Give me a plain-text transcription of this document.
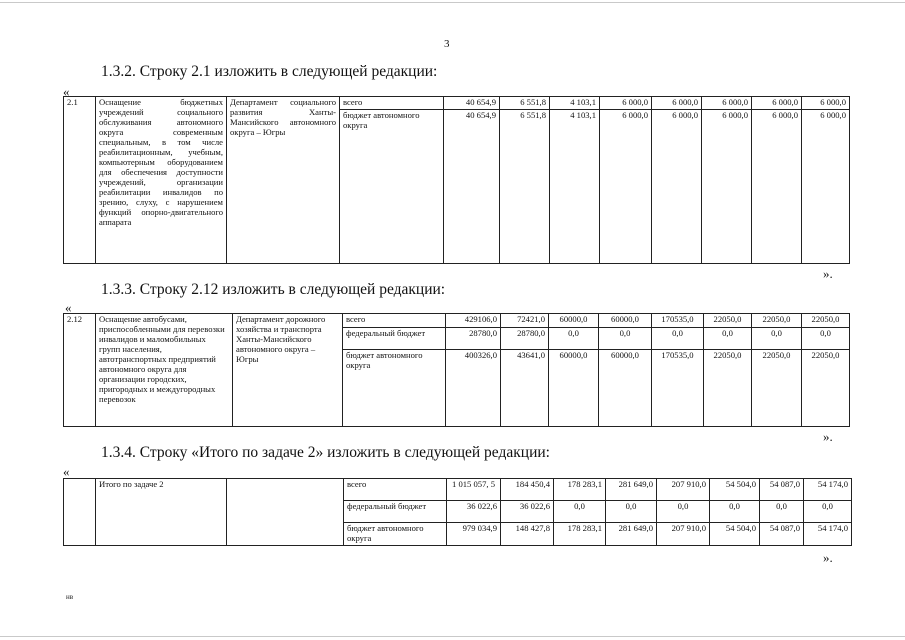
3
1.3.2. Строку 2.1 изложить в следующей редакции:
«
2.1	Оснащение бюджетных учреждений социального обслуживания автономного округа современным специальным, в том числе реабилитационным, учебным, компьютерным оборудованием для обеспечения доступности учреждений, организации реабилитации инвалидов по зрению, слуху, с нарушением функций опорно-двигательного аппарата	Департамент социального развития Ханты-Мансийского автономного округа – Югры	всего	40 654,9	6 551,8	4 103,1	6 000,0	6 000,0	6 000,0	6 000,0	6 000,0
			бюджет автономного округа	40 654,9	6 551,8	4 103,1	6 000,0	6 000,0	6 000,0	6 000,0	6 000,0
».
1.3.3. Строку 2.12 изложить в следующей редакции:
«
2.12	Оснащение автобусами, приспособленными для перевозки инвалидов и маломобильных групп населения, автотранспортных предприятий автономного округа для организации городских, пригородных и междугородных перевозок	Департамент дорожного хозяйства и транспорта Ханты-Мансийского автономного округа – Югры	всего	429106,0	72421,0	60000,0	60000,0	170535,0	22050,0	22050,0	22050,0
			федеральный бюджет	28780,0	28780,0	0,0	0,0	0,0	0,0	0,0	0,0
			бюджет автономного округа	400326,0	43641,0	60000,0	60000,0	170535,0	22050,0	22050,0	22050,0
».
1.3.4. Строку «Итого по задаче 2» изложить в следующей редакции:
«
	Итого по задаче 2		всего	1 015 057, 5	184 450,4	178 283,1	281 649,0	207 910,0	54 504,0	54 087,0	54 174,0
			федеральный бюджет	36 022,6	36 022,6	0,0	0,0	0,0	0,0	0,0	0,0
			бюджет автономного округа	979 034,9	148 427,8	178 283,1	281 649,0	207 910,0	54 504,0	54 087,0	54 174,0
».
нв
